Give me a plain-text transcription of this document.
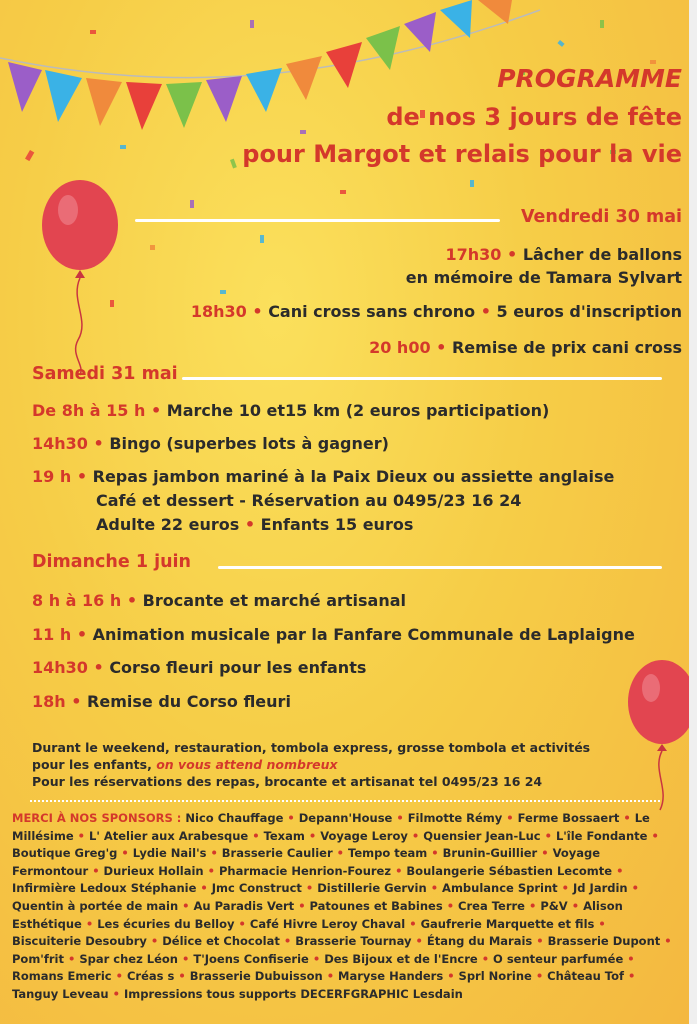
PROGRAMME
de nos 3 jours de fête
pour Margot et relais pour la vie
Vendredi 30 mai
17h30 • Lâcher de ballons
en mémoire de Tamara Sylvart
18h30 • Cani cross sans chrono • 5 euros d'inscription
20 h00 • Remise de prix cani cross
Samedi 31 mai
De 8h à 15 h • Marche 10 et15 km (2 euros participation)
14h30 • Bingo (superbes lots à gagner)
19 h • Repas jambon mariné à la Paix Dieux ou assiette anglaise
Café et dessert - Réservation au 0495/23 16 24
Adulte 22 euros • Enfants 15 euros
Dimanche 1 juin
8 h à 16 h • Brocante et marché artisanal
11 h • Animation musicale par la Fanfare Communale de Laplaigne
14h30 • Corso fleuri pour les enfants
18h • Remise du Corso fleuri
Durant le weekend, restauration, tombola express, grosse tombola et activités
pour les enfants, on vous attend nombreux
Pour les réservations des repas, brocante et artisanat tel 0495/23 16 24
MERCI À NOS SPONSORS : Nico Chauffage • Depann'House • Filmotte Rémy • Ferme Bossaert • Le Millésime • L' Atelier aux Arabesque • Texam • Voyage Leroy • Quensier Jean-Luc • L'île Fondante • Boutique Greg'g • Lydie Nail's • Brasserie Caulier • Tempo team • Brunin-Guillier • Voyage Fermontour • Durieux Hollain • Pharmacie Henrion-Fourez • Boulangerie Sébastien Lecomte • Infirmière Ledoux Stéphanie • Jmc Construct • Distillerie Gervin • Ambulance Sprint • Jd Jardin • Quentin à portée de main • Au Paradis Vert • Patounes et Babines • Crea Terre • P&V • Alison Esthétique • Les écuries du Belloy • Café Hivre Leroy Chaval • Gaufrerie Marquette et fils • Biscuiterie Desoubry • Délice et Chocolat • Brasserie Tournay • Étang du Marais • Brasserie Dupont • Pom'frit • Spar chez Léon • T'Joens Confiserie • Des Bijoux et de l'Encre • O senteur parfumée • Romans Emeric • Créas s • Brasserie Dubuisson • Maryse Handers • Sprl Norine • Château Tof • Tanguy Leveau • Impressions tous supports DECERFGRAPHIC Lesdain
